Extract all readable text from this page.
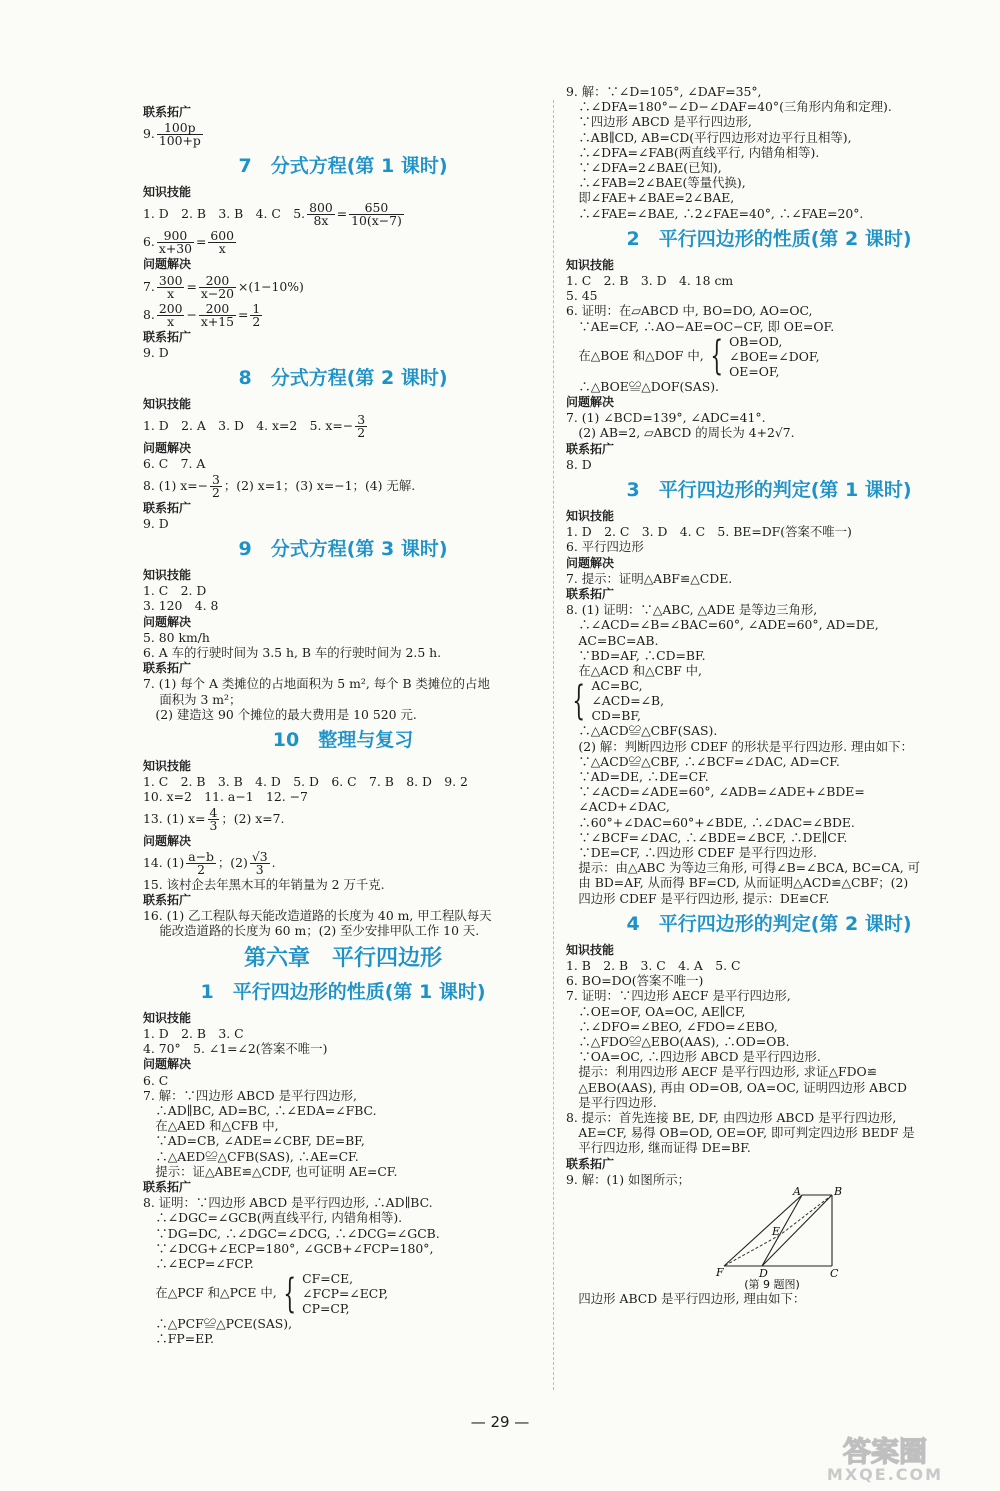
联系拓广
9. $\frac{100p}{100+p}$
7　分式方程(第 1 课时)
知识技能
1. D　2. B　3. B　4. C　5. $\frac{800}{8x} = \frac{650}{10(x-7)}$
6. $\frac{900}{x+30} = \frac{600}{x}$
问题解决
7. $\frac{300}{x} = \frac{200}{x-20} \times(1-10\%)$
8. $\frac{200}{x} - \frac{200}{x+15} = \frac{1}{2}$
联系拓广
9. D
8　分式方程(第 2 课时)
知识技能
1. D　2. A　3. D　4. x=2　5. $x=- \frac{3}{2}$
问题解决
6. C　7. A
8. (1) $x=- \frac{3}{2}$ ；(2) x=1；(3) x=−1；(4) 无解.
联系拓广
9. D
9　分式方程(第 3 课时)
知识技能
1. C　2. D
3. 120　4. 8
问题解决
5. 80 km/h
6. A 车的行驶时间为 3.5 h, B 车的行驶时间为 2.5 h.
联系拓广
7. (1) 每个 A 类摊位的占地面积为 5 m², 每个 B 类摊位的占地
　 面积为 3 m²；
　(2) 建造这 90 个摊位的最大费用是 10 520 元.
10　整理与复习
知识技能
1. C　2. B　3. B　4. D　5. D　6. C　7. B　8. D　9. 2
10. x=2　11. a−1　12. −7
13. (1) $x= \frac{4}{3}$ ；(2) x=7.
问题解决
14. $(1) \frac{a-b}{2}$ ；$(2) \frac{√3}{3}$ .
15. 该村企去年黑木耳的年销量为 2 万千克.
联系拓广
16. (1) 乙工程队每天能改造道路的长度为 40 m, 甲工程队每天
　 能改造道路的长度为 60 m；(2) 至少安排甲队工作 10 天.
第六章　平行四边形
1　平行四边形的性质(第 1 课时)
知识技能
1. D　2. B　3. C
4. 70°　5. ∠1=∠2(答案不唯一)
问题解决
6. C
7. 解：∵四边形 ABCD 是平行四边形,
　∴AD∥BC, AD=BC, ∴∠EDA=∠FBC.
　在△AED 和△CFB 中,
　∵AD=CB, ∠ADE=∠CBF, DE=BF,
　∴△AED≌△CFB(SAS), ∴AE=CF.
　提示：证△ABE≌△CDF, 也可证明 AE=CF.
联系拓广
8. 证明：∵四边形 ABCD 是平行四边形, ∴AD∥BC.
　∴∠DGC=∠GCB(两直线平行, 内错角相等).
　∵DG=DC, ∴∠DGC=∠DCG, ∴∠DCG=∠GCB.
　∵∠DCG+∠ECP=180°, ∠GCB+∠FCP=180°,
　∴∠ECP=∠FCP.
　在△PCF 和△PCE 中, { CF=CE,
∠FCP=∠ECP,
CP=CP,
　∴△PCF≌△PCE(SAS),
　∴FP=EP.
9. 解：∵∠D=105°, ∠DAF=35°,
　∴∠DFA=180°−∠D−∠DAF=40°(三角形内角和定理).
　∵四边形 ABCD 是平行四边形,
　∴AB∥CD, AB=CD(平行四边形对边平行且相等),
　∴∠DFA=∠FAB(两直线平行, 内错角相等).
　∵∠DFA=2∠BAE(已知),
　∴∠FAB=2∠BAE(等量代换),
　即∠FAE+∠BAE=2∠BAE,
　∴∠FAE=∠BAE, ∴2∠FAE=40°, ∴∠FAE=20°.
2　平行四边形的性质(第 2 课时)
知识技能
1. C　2. B　3. D　4. 18 cm
5. 45
6. 证明：在▱ABCD 中, BO=DO, AO=OC,
　∵AE=CF, ∴AO−AE=OC−CF, 即 OE=OF.
　在△BOE 和△DOF 中, { OB=OD,
∠BOE=∠DOF,
OE=OF,
　∴△BOE≌△DOF(SAS).
问题解决
7. (1) ∠BCD=139°, ∠ADC=41°.
　(2) AB=2, ▱ABCD 的周长为 4+2√7.
联系拓广
8. D
3　平行四边形的判定(第 1 课时)
知识技能
1. D　2. C　3. D　4. C　5. BE=DF(答案不唯一)
6. 平行四边形
问题解决
7. 提示：证明△ABF≌△CDE.
联系拓广
8. (1) 证明：∵△ABC, △ADE 是等边三角形,
　∴∠ACD=∠B=∠BAC=60°, ∠ADE=60°, AD=DE,
　AC=BC=AB.
　∵BD=AF, ∴CD=BF.
　在△ACD 和△CBF 中,
{ AC=BC,
∠ACD=∠B,
CD=BF,
　∴△ACD≌△CBF(SAS).
　(2) 解：判断四边形 CDEF 的形状是平行四边形. 理由如下：
　∵△ACD≌△CBF, ∴∠BCF=∠DAC, AD=CF.
　∵AD=DE, ∴DE=CF.
　∵∠ACD=∠ADE=60°, ∠ADB=∠ADE+∠BDE=
　∠ACD+∠DAC,
　∴60°+∠DAC=60°+∠BDE, ∴∠DAC=∠BDE.
　∵∠BCF=∠DAC, ∴∠BDE=∠BCF, ∴DE∥CF.
　∵DE=CF, ∴四边形 CDEF 是平行四边形.
　提示：由△ABC 为等边三角形, 可得∠B=∠BCA, BC=CA, 可
　由 BD=AF, 从而得 BF=CD, 从而证明△ACD≌△CBF；(2)
　四边形 CDEF 是平行四边形, 提示：DE≌CF.
4　平行四边形的判定(第 2 课时)
知识技能
1. B　2. B　3. C　4. A　5. C
6. BO=DO(答案不唯一)
7. 证明：∵四边形 AECF 是平行四边形,
　∴OE=OF, OA=OC, AE∥CF,
　∴∠DFO=∠BEO, ∠FDO=∠EBO,
　∴△FDO≌△EBO(AAS), ∴OD=OB.
　∵OA=OC, ∴四边形 ABCD 是平行四边形.
　提示：利用四边形 AECF 是平行四边形, 求证△FDO≌
　△EBO(AAS), 再由 OD=OB, OA=OC, 证明四边形 ABCD
　是平行四边形.
8. 提示：首先连接 BE, DF, 由四边形 ABCD 是平行四边形,
　AE=CF, 易得 OB=OD, OE=OF, 即可判定四边形 BEDF 是
　平行四边形, 继而证得 DE=BF.
联系拓广
9. 解：(1) 如图所示；
A	B
E
F	D	C
(第 9 题图)
　四边形 ABCD 是平行四边形, 理由如下：
— 29 —
答案圈
MXQE.COM
